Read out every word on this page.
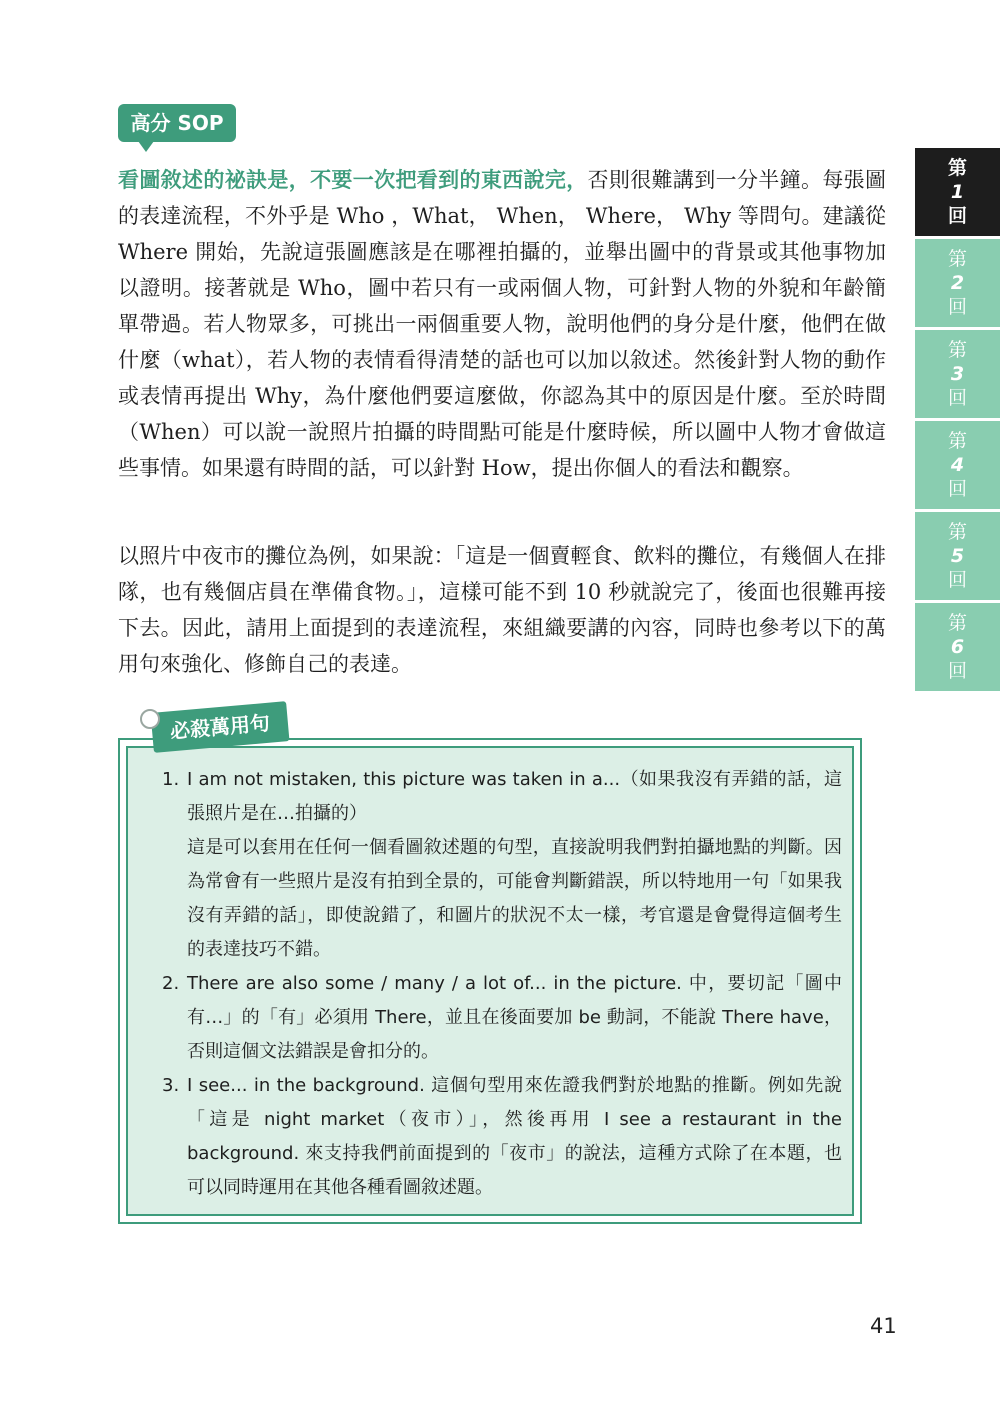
高分 SOP
看圖敘述的祕訣是，不要一次把看到的東西說完，否則很難講到一分半鐘。每張圖的表達流程，不外乎是 Who ，What， When， Where， Why 等問句。建議從 Where 開始，先說這張圖應該是在哪裡拍攝的，並舉出圖中的背景或其他事物加以證明。接著就是 Who，圖中若只有一或兩個人物，可針對人物的外貌和年齡簡單帶過。若人物眾多，可挑出一兩個重要人物，說明他們的身分是什麼，他們在做什麼（what），若人物的表情看得清楚的話也可以加以敘述。然後針對人物的動作或表情再提出 Why，為什麼他們要這麼做，你認為其中的原因是什麼。至於時間（When）可以說一說照片拍攝的時間點可能是什麼時候，所以圖中人物才會做這些事情。如果還有時間的話，可以針對 How，提出你個人的看法和觀察。
以照片中夜市的攤位為例，如果說：「這是一個賣輕食、飲料的攤位，有幾個人在排隊，也有幾個店員在準備食物。」，這樣可能不到 10 秒就說完了，後面也很難再接下去。因此，請用上面提到的表達流程，來組織要講的內容，同時也參考以下的萬用句來強化、修飾自己的表達。
第
1
回
第
2
回
第
3
回
第
4
回
第
5
回
第
6
回
必殺萬用句
1. I am not mistaken, this picture was taken in a...（如果我沒有弄錯的話，這張照片是在…拍攝的）
這是可以套用在任何一個看圖敘述題的句型，直接說明我們對拍攝地點的判斷。因為常會有一些照片是沒有拍到全景的，可能會判斷錯誤，所以特地用一句「如果我沒有弄錯的話」，即使說錯了，和圖片的狀況不太一樣，考官還是會覺得這個考生的表達技巧不錯。
2. There are also some / many / a lot of... in the picture. 中，要切記「圖中有…」的「有」必須用 There，並且在後面要加 be 動詞，不能說 There have，否則這個文法錯誤是會扣分的。
3. I see... in the background. 這個句型用來佐證我們對於地點的推斷。例如先說「這是 night market（夜市）」，然後再用 I see a restaurant in the background. 來支持我們前面提到的「夜市」的說法，這種方式除了在本題，也可以同時運用在其他各種看圖敘述題。
41
